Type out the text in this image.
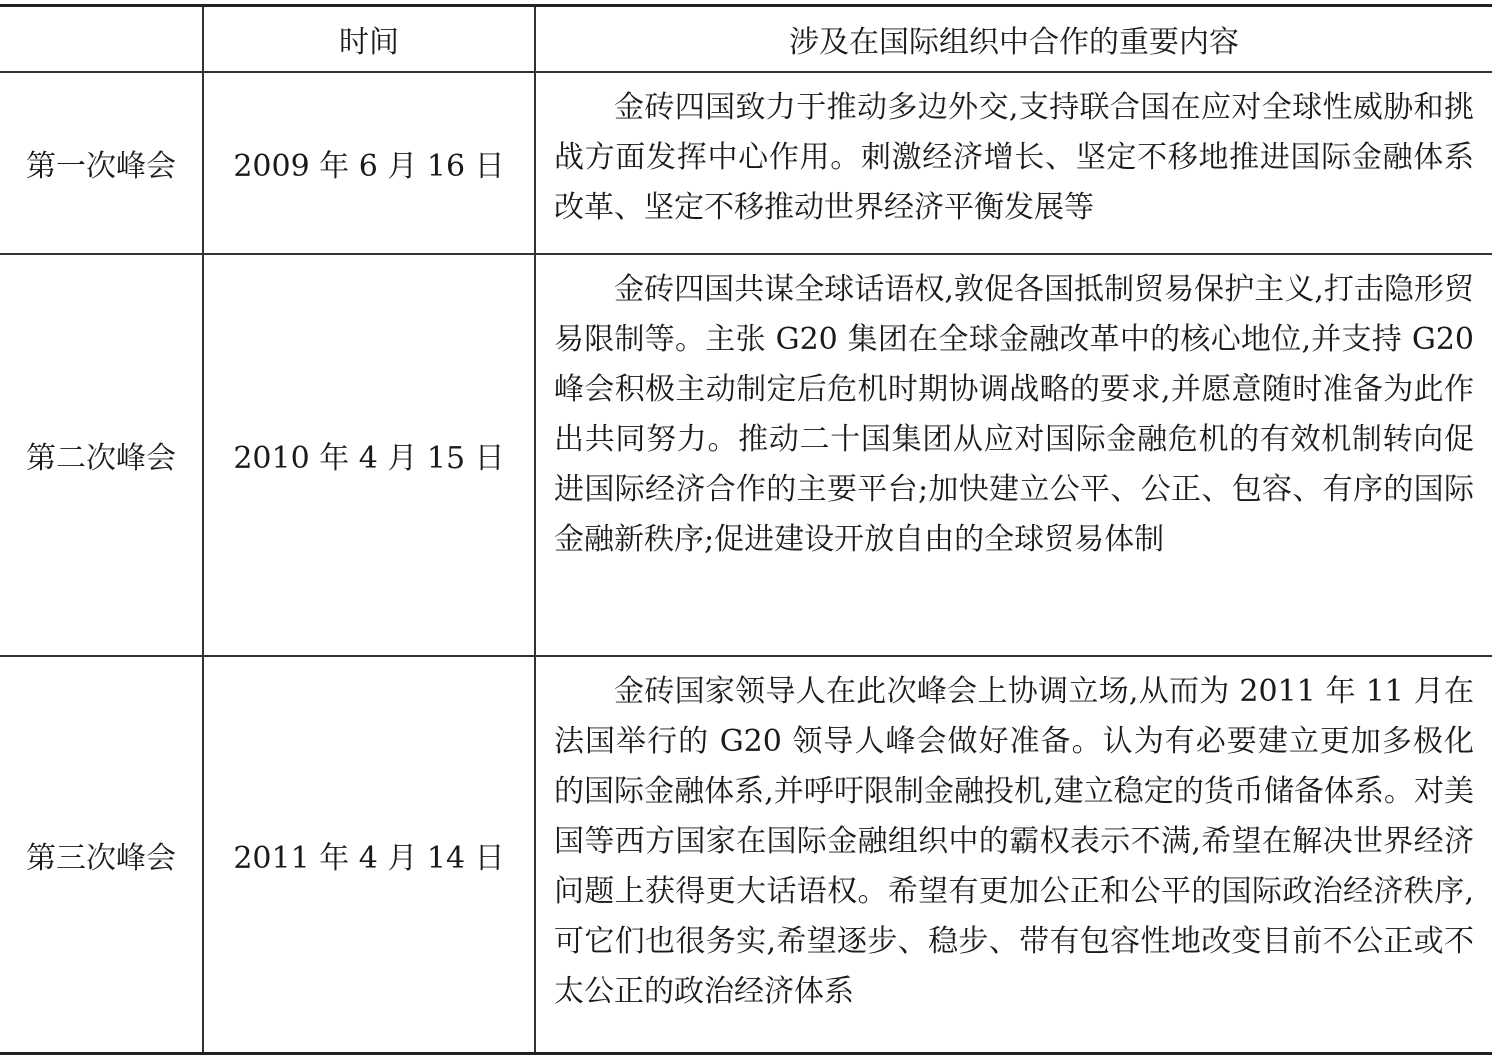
	时间	涉及在国际组织中合作的重要内容
第一次峰会	2009 年 6 月 16 日	金砖四国致力于推动多边外交,支持联合国在应对全球性威胁和挑战方面发挥中心作用。刺激经济增长、坚定不移地推进国际金融体系改革、坚定不移推动世界经济平衡发展等
第二次峰会	2010 年 4 月 15 日	金砖四国共谋全球话语权,敦促各国抵制贸易保护主义,打击隐形贸易限制等。主张 G20 集团在全球金融改革中的核心地位,并支持 G20 峰会积极主动制定后危机时期协调战略的要求,并愿意随时准备为此作出共同努力。推动二十国集团从应对国际金融危机的有效机制转向促进国际经济合作的主要平台;加快建立公平、公正、包容、有序的国际金融新秩序;促进建设开放自由的全球贸易体制
第三次峰会	2011 年 4 月 14 日	金砖国家领导人在此次峰会上协调立场,从而为 2011 年 11 月在法国举行的 G20 领导人峰会做好准备。认为有必要建立更加多极化的国际金融体系,并呼吁限制金融投机,建立稳定的货币储备体系。对美国等西方国家在国际金融组织中的霸权表示不满,希望在解决世界经济问题上获得更大话语权。希望有更加公正和公平的国际政治经济秩序,可它们也很务实,希望逐步、稳步、带有包容性地改变目前不公正或不太公正的政治经济体系
